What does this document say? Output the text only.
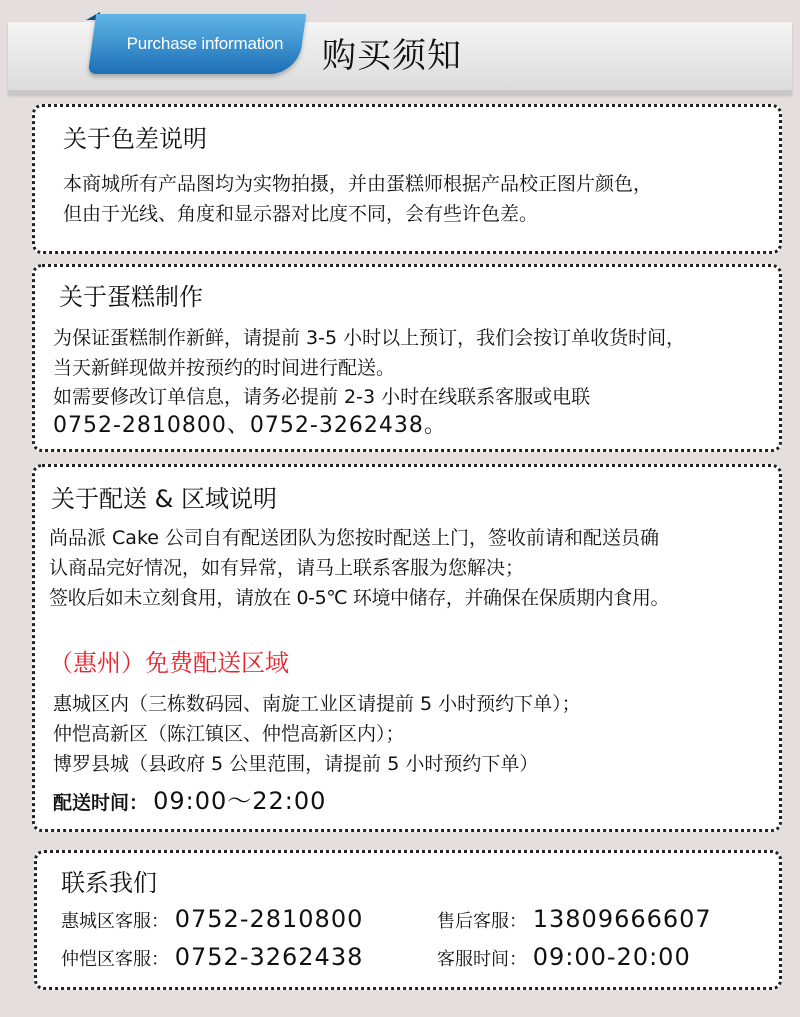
Purchase information	购买须知
关于色差说明
本商城所有产品图均为实物拍摄，并由蛋糕师根据产品校正图片颜色，
但由于光线、角度和显示器对比度不同，会有些许色差。
关于蛋糕制作
为保证蛋糕制作新鲜，请提前 3-5 小时以上预订，我们会按订单收货时间，
当天新鲜现做并按预约的时间进行配送。
如需要修改订单信息，请务必提前 2-3 小时在线联系客服或电联
0752-2810800、0752-3262438。
关于配送 & 区域说明
尚品派 Cake 公司自有配送团队为您按时配送上门，签收前请和配送员确
认商品完好情况，如有异常，请马上联系客服为您解决；
签收后如未立刻食用，请放在 0-5℃ 环境中储存，并确保在保质期内食用。
（惠州）免费配送区域
惠城区内（三栋数码园、南旋工业区请提前 5 小时预约下单）；
仲恺高新区（陈江镇区、仲恺高新区内）；
博罗县城（县政府 5 公里范围，请提前 5 小时预约下单）
配送时间： 09:00～22:00
联系我们
惠城区客服： 0752-2810800	售后客服： 13809666607
仲恺区客服： 0752-3262438	客服时间： 09:00-20:00
